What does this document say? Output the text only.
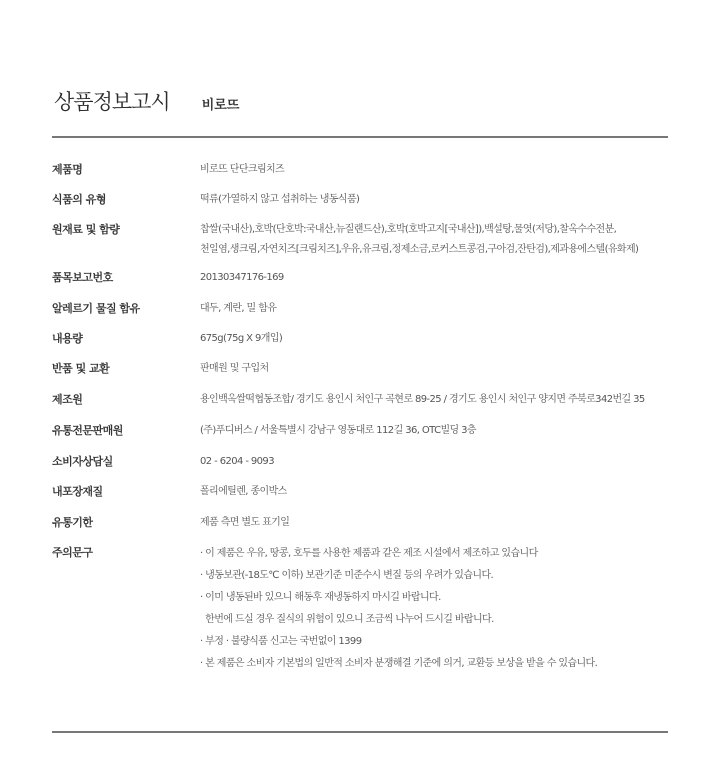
상품정보고시 비로뜨
제품명	비로뜨 단단크림치즈
식품의 유형	떡류(가열하지 않고 섭취하는 냉동식품)
원재료 및 함량	찹쌀(국내산),호박(단호박:국내산,뉴질랜드산),호박(호박고지[국내산]),백설탕,물엿(저당),찰옥수수전분,
천일염,생크림,자연치즈[크림치즈],우유,유크림,정제소금,로커스트콩검,구아검,잔탄검),제과용에스텔(유화제)
품목보고번호	20130347176-169
알레르기 물질 함유	대두, 계란, 밀 함유
내용량	675g(75g X 9개입)
반품 및 교환	판매원 및 구입처
제조원	용인백옥쌀떡협동조합/ 경기도 용인시 처인구 곡현로 89-25 / 경기도 용인시 처인구 양지면 주북로342번길 35
유통전문판매원	(주)푸디버스 / 서울특별시 강남구 영동대로 112길 36, OTC빌딩 3층
소비자상담실	02 - 6204 - 9093
내포장재질	폴리에틸렌, 종이박스
유통기한	제품 측면 별도 표기일
주의문구	· 이 제품은 우유, 땅콩, 호두를 사용한 제품과 같은 제조 시설에서 제조하고 있습니다
· 냉동보관(-18도℃ 이하) 보관기준 미준수시 변질 등의 우려가 있습니다.
· 이미 냉동된바 있으니 해동후 재냉동하지 마시길 바랍니다.
한번에 드실 경우 질식의 위험이 있으니 조금씩 나누어 드시길 바랍니다.
· 부정 · 불량식품 신고는 국번없이 1399
· 본 제품은 소비자 기본법의 일반적 소비자 분쟁해결 기준에 의거, 교환등 보상을 받을 수 있습니다.
